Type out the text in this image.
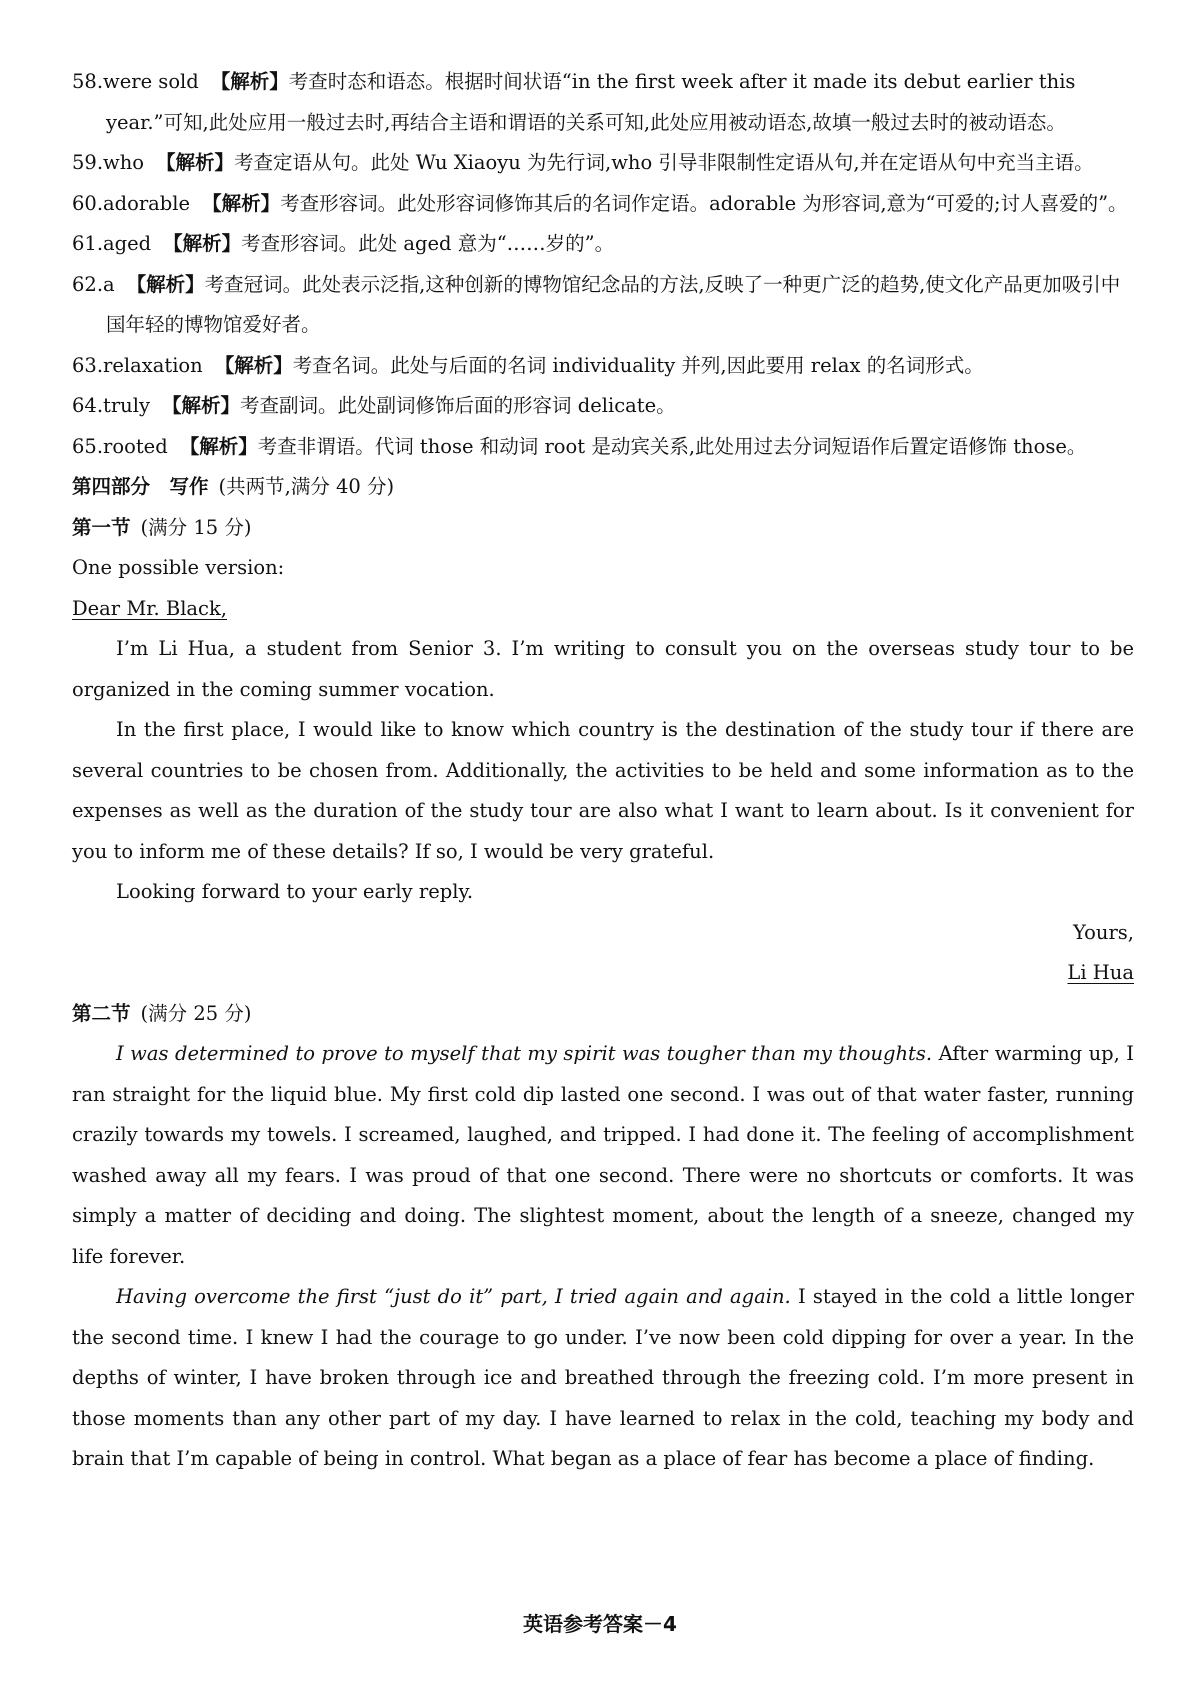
58.were sold 【解析】考查时态和语态。根据时间状语“in the first week after it made its debut earlier this year.”可知,此处应用一般过去时,再结合主语和谓语的关系可知,此处应用被动语态,故填一般过去时的被动语态。
59.who 【解析】考查定语从句。此处 Wu Xiaoyu 为先行词,who 引导非限制性定语从句,并在定语从句中充当主语。
60.adorable 【解析】考查形容词。此处形容词修饰其后的名词作定语。adorable 为形容词,意为“可爱的;讨人喜爱的”。
61.aged 【解析】考查形容词。此处 aged 意为“……岁的”。
62.a 【解析】考查冠词。此处表示泛指,这种创新的博物馆纪念品的方法,反映了一种更广泛的趋势,使文化产品更加吸引中国年轻的博物馆爱好者。
63.relaxation 【解析】考查名词。此处与后面的名词 individuality 并列,因此要用 relax 的名词形式。
64.truly 【解析】考查副词。此处副词修饰后面的形容词 delicate。
65.rooted 【解析】考查非谓语。代词 those 和动词 root 是动宾关系,此处用过去分词短语作后置定语修饰 those。
第四部分　写作 (共两节,满分 40 分)
第一节 (满分 15 分)
One possible version:
Dear Mr. Black,
I’m Li Hua, a student from Senior 3. I’m writing to consult you on the overseas study tour to be organized in the coming summer vocation.
In the first place, I would like to know which country is the destination of the study tour if there are several countries to be chosen from. Additionally, the activities to be held and some information as to the expenses as well as the duration of the study tour are also what I want to learn about. Is it convenient for you to inform me of these details? If so, I would be very grateful.
Looking forward to your early reply.
Yours,
Li Hua
第二节 (满分 25 分)
I was determined to prove to myself that my spirit was tougher than my thoughts. After warming up, I ran straight for the liquid blue. My first cold dip lasted one second. I was out of that water faster, running crazily towards my towels. I screamed, laughed, and tripped. I had done it. The feeling of accomplishment washed away all my fears. I was proud of that one second. There were no shortcuts or comforts. It was simply a matter of deciding and doing. The slightest moment, about the length of a sneeze, changed my life forever.
Having overcome the first “just do it” part, I tried again and again. I stayed in the cold a little longer the second time. I knew I had the courage to go under. I’ve now been cold dipping for over a year. In the depths of winter, I have broken through ice and breathed through the freezing cold. I’m more present in those moments than any other part of my day. I have learned to relax in the cold, teaching my body and brain that I’m capable of being in control. What began as a place of fear has become a place of finding.
英语参考答案－4
